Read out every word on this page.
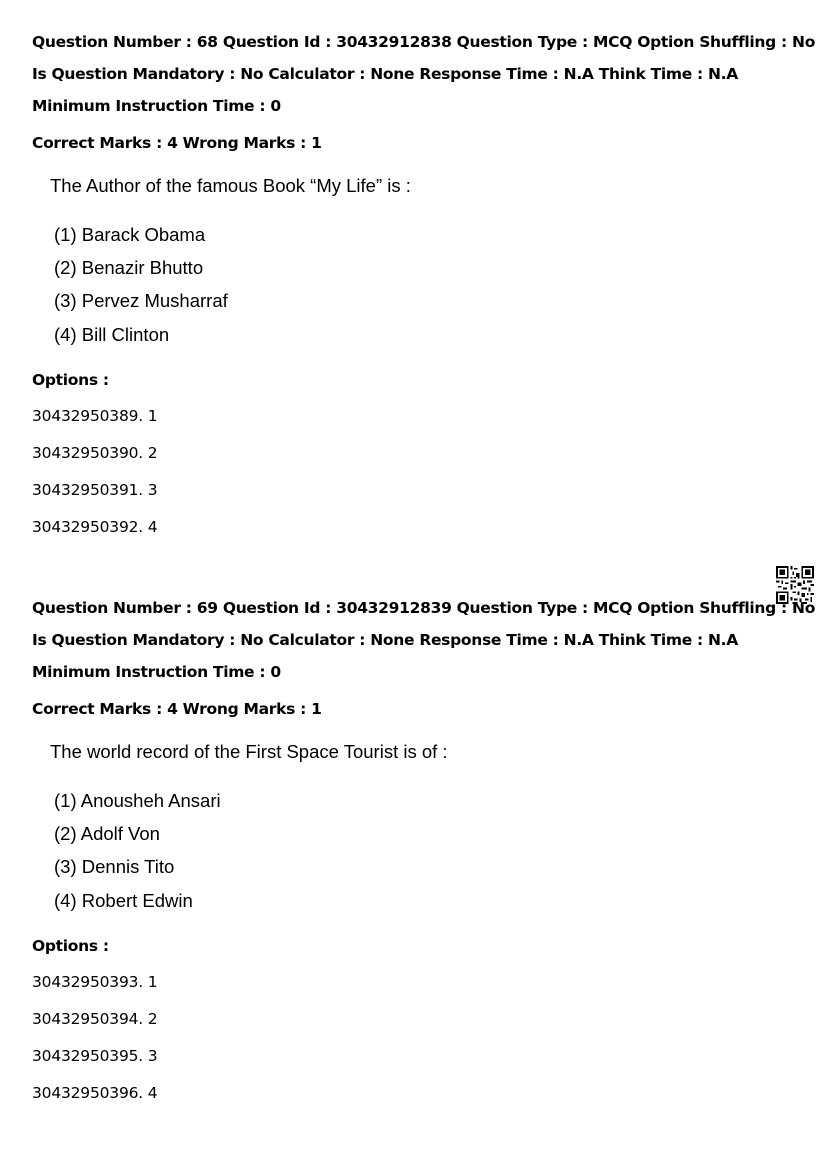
Question Number : 68 Question Id : 30432912838 Question Type : MCQ Option Shuffling : No
Is Question Mandatory : No Calculator : None Response Time : N.A Think Time : N.A
Minimum Instruction Time : 0
Correct Marks : 4 Wrong Marks : 1
The Author of the famous Book “My Life” is :
(1) Barack Obama
(2) Benazir Bhutto
(3) Pervez Musharraf
(4) Bill Clinton
Options :
30432950389. 1
30432950390. 2
30432950391. 3
30432950392. 4
Question Number : 69 Question Id : 30432912839 Question Type : MCQ Option Shuffling : No
Is Question Mandatory : No Calculator : None Response Time : N.A Think Time : N.A
Minimum Instruction Time : 0
Correct Marks : 4 Wrong Marks : 1
The world record of the First Space Tourist is of :
(1) Anousheh Ansari
(2) Adolf Von
(3) Dennis Tito
(4) Robert Edwin
Options :
30432950393. 1
30432950394. 2
30432950395. 3
30432950396. 4
